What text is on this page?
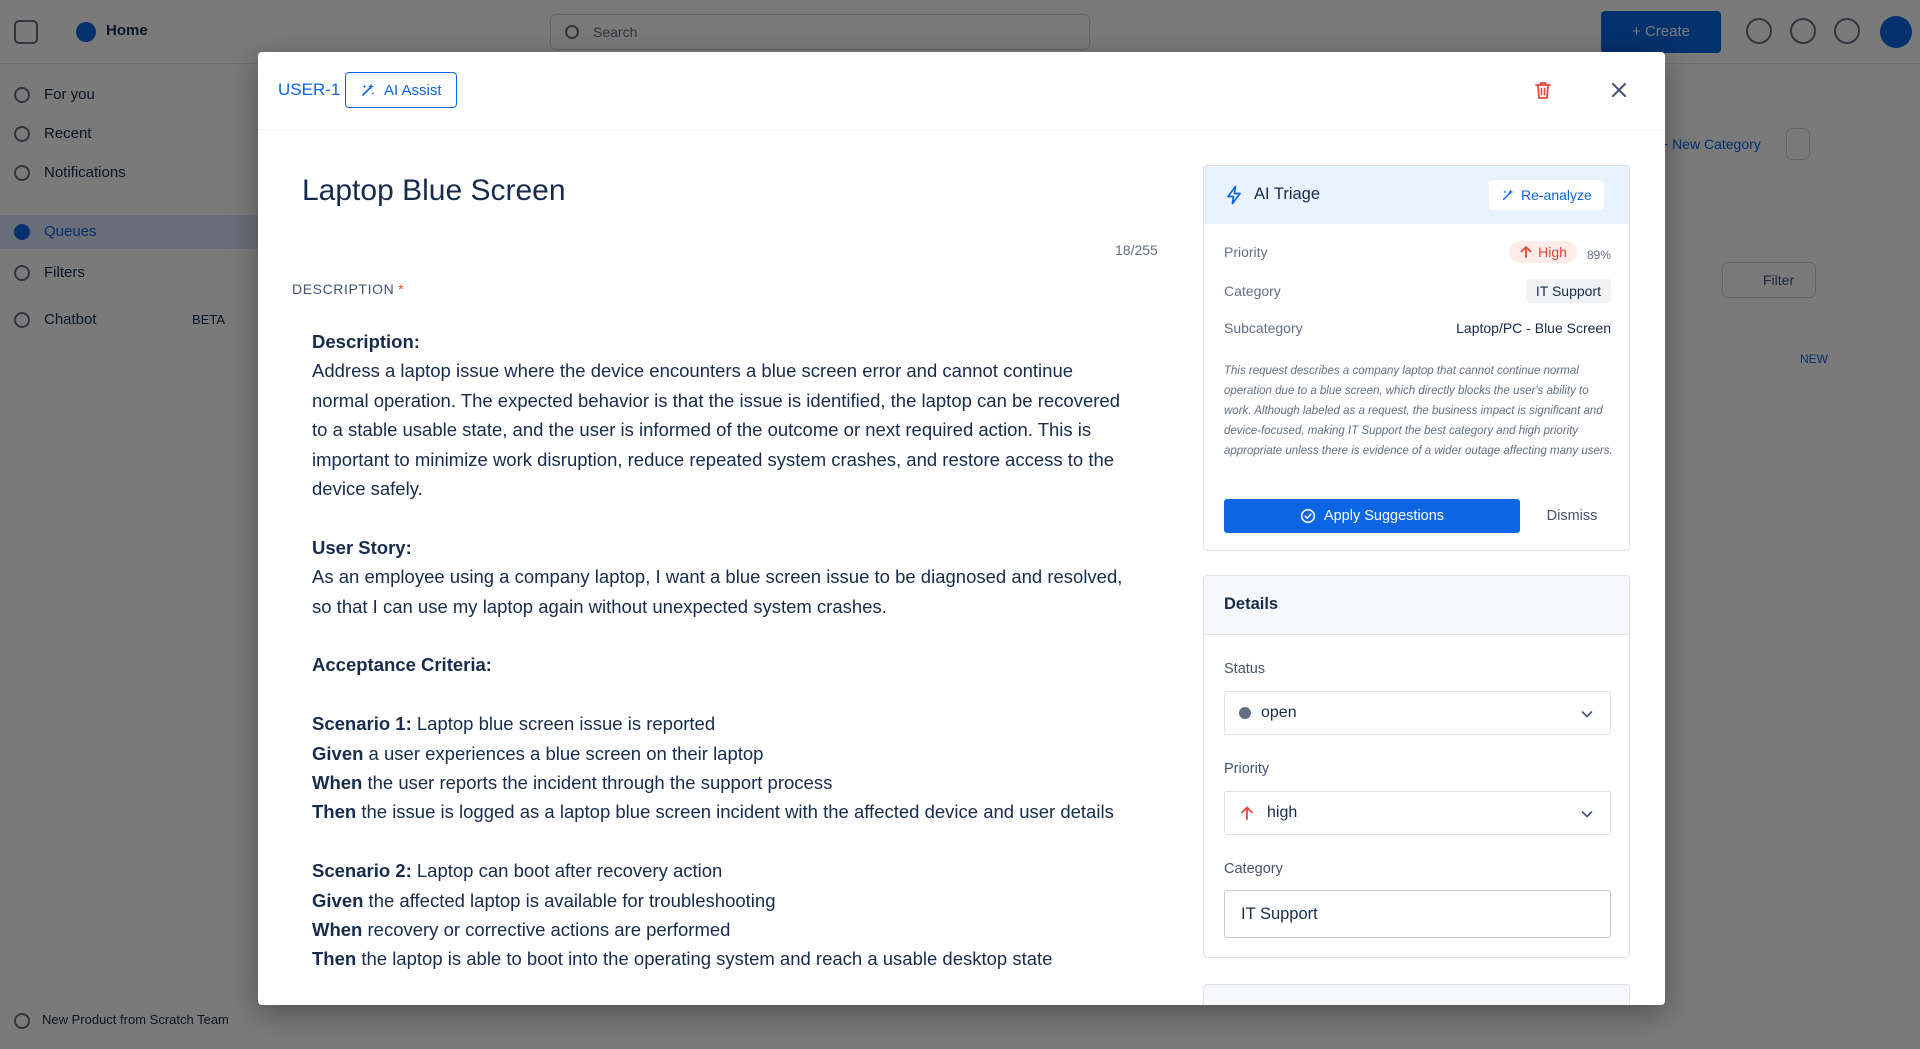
USER-1	AI Assist
Laptop Blue Screen
18/255
DESCRIPTION *
Description:
Address a laptop issue where the device encounters a blue screen error and cannot continue normal operation. The expected behavior is that the issue is identified, the laptop can be recovered to a stable usable state, and the user is informed of the outcome or next required action. This is important to minimize work disruption, reduce repeated system crashes, and restore access to the device safely.
User Story:
As an employee using a company laptop, I want a blue screen issue to be diagnosed and resolved, so that I can use my laptop again without unexpected system crashes.
Acceptance Criteria:
Scenario 1: Laptop blue screen issue is reported
Given a user experiences a blue screen on their laptop
When the user reports the incident through the support process
Then the issue is logged as a laptop blue screen incident with the affected device and user details
Scenario 2: Laptop can boot after recovery action
Given the affected laptop is available for troubleshooting
When recovery or corrective actions are performed
Then the laptop is able to boot into the operating system and reach a usable desktop state
AI Triage	Re-analyze
Priority	High 89%
Category	IT Support
Subcategory	Laptop/PC - Blue Screen
This request describes a company laptop that cannot continue normal operation due to a blue screen, which directly blocks the user's ability to work. Although labeled as a request, the business impact is significant and device-focused, making IT Support the best category and high priority appropriate unless there is evidence of a wider outage affecting many users.
Apply Suggestions	Dismiss
Details
Status
open
Priority
high
Category
IT Support
